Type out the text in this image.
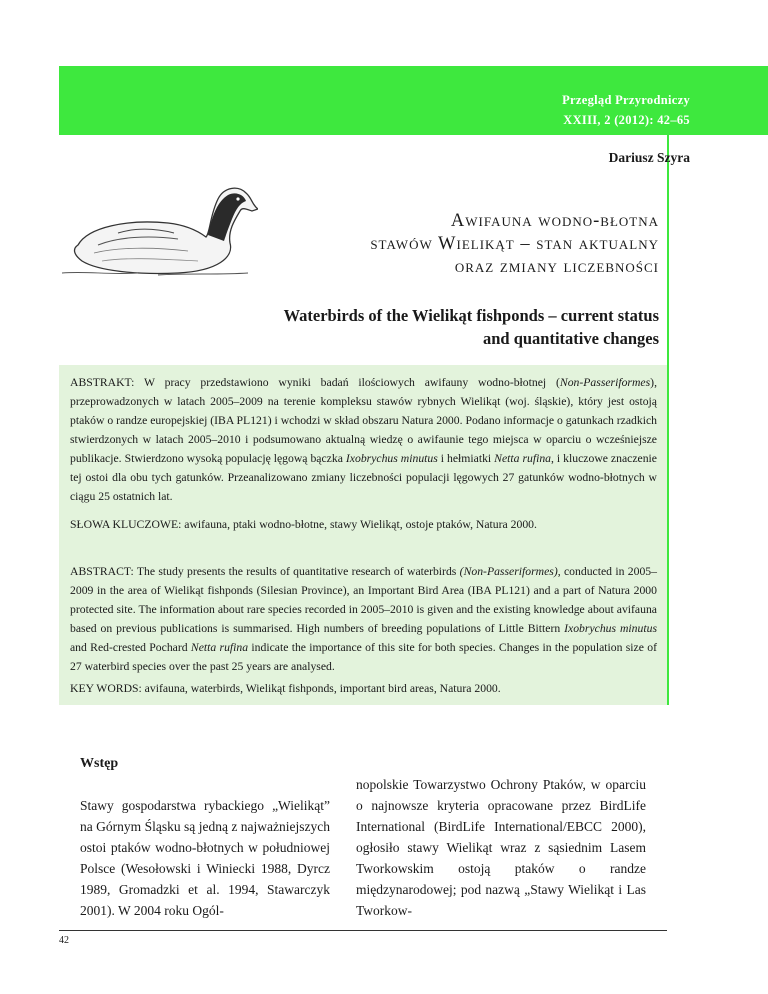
Przegląd Przyrodniczy
XXIII, 2 (2012): 42–65
Dariusz Szyra
Awifauna wodno-błotna
stawów Wielikąt – stan aktualny
oraz zmiany liczebności
Waterbirds of the Wielikąt fishponds – current status
and quantitative changes

ABSTRAKT: W pracy przedstawiono wyniki badań ilościowych awifauny wodno-błotnej (Non-Passeriformes), przeprowadzonych w latach 2005–2009 na terenie kompleksu stawów rybnych Wielikąt (woj. śląskie), który jest ostoją ptaków o randze europejskiej (IBA PL121) i wchodzi w skład obszaru Natura 2000. Podano informacje o gatunkach rzadkich stwierdzonych w latach 2005–2010 i podsumowano aktualną wiedzę o awifaunie tego miejsca w oparciu o wcześniejsze publikacje. Stwierdzono wysoką populację lęgową bączka Ixobrychus minutus i hełmiatki Netta rufina, i kluczowe znaczenie tej ostoi dla obu tych gatunków. Przeanalizowano zmiany liczebności populacji lęgowych 27 gatunków wodno-błotnych w ciągu 25 ostatnich lat.

SŁOWA KLUCZOWE: awifauna, ptaki wodno-błotne, stawy Wielikąt, ostoje ptaków, Natura 2000.

ABSTRACT: The study presents the results of quantitative research of waterbirds (Non-Passeriformes), conducted in 2005–2009 in the area of Wielikąt fishponds (Silesian Province), an Important Bird Area (IBA PL121) and a part of Natura 2000 protected site. The information about rare species recorded in 2005–2010 is given and the existing knowledge about avifauna based on previous publications is summarised. High numbers of breeding populations of Little Bittern Ixobrychus minutus and Red-crested Pochard Netta rufina indicate the importance of this site for both species. Changes in the population size of 27 waterbird species over the past 25 years are analysed.

KEY WORDS: avifauna, waterbirds, Wielikąt fishponds, important bird areas, Natura 2000.
Wstęp

Stawy gospodarstwa rybackiego „Wielikąt” na Górnym Śląsku są jedną z najważniejszych ostoi ptaków wodno-błotnych w południowej Polsce (Wesołowski i Winiecki 1988, Dyrcz 1989, Gromadzki et al. 1994, Stawarczyk 2001). W 2004 roku Ogól-

nopolskie Towarzystwo Ochrony Ptaków, w oparciu o najnowsze kryteria opracowane przez BirdLife International (BirdLife International/EBCC 2000), ogłosiło stawy Wielikąt wraz z sąsiednim Lasem Tworkowskim ostoją ptaków o randze międzynarodowej; pod nazwą „Stawy Wielikąt i Las Tworkow-

42
